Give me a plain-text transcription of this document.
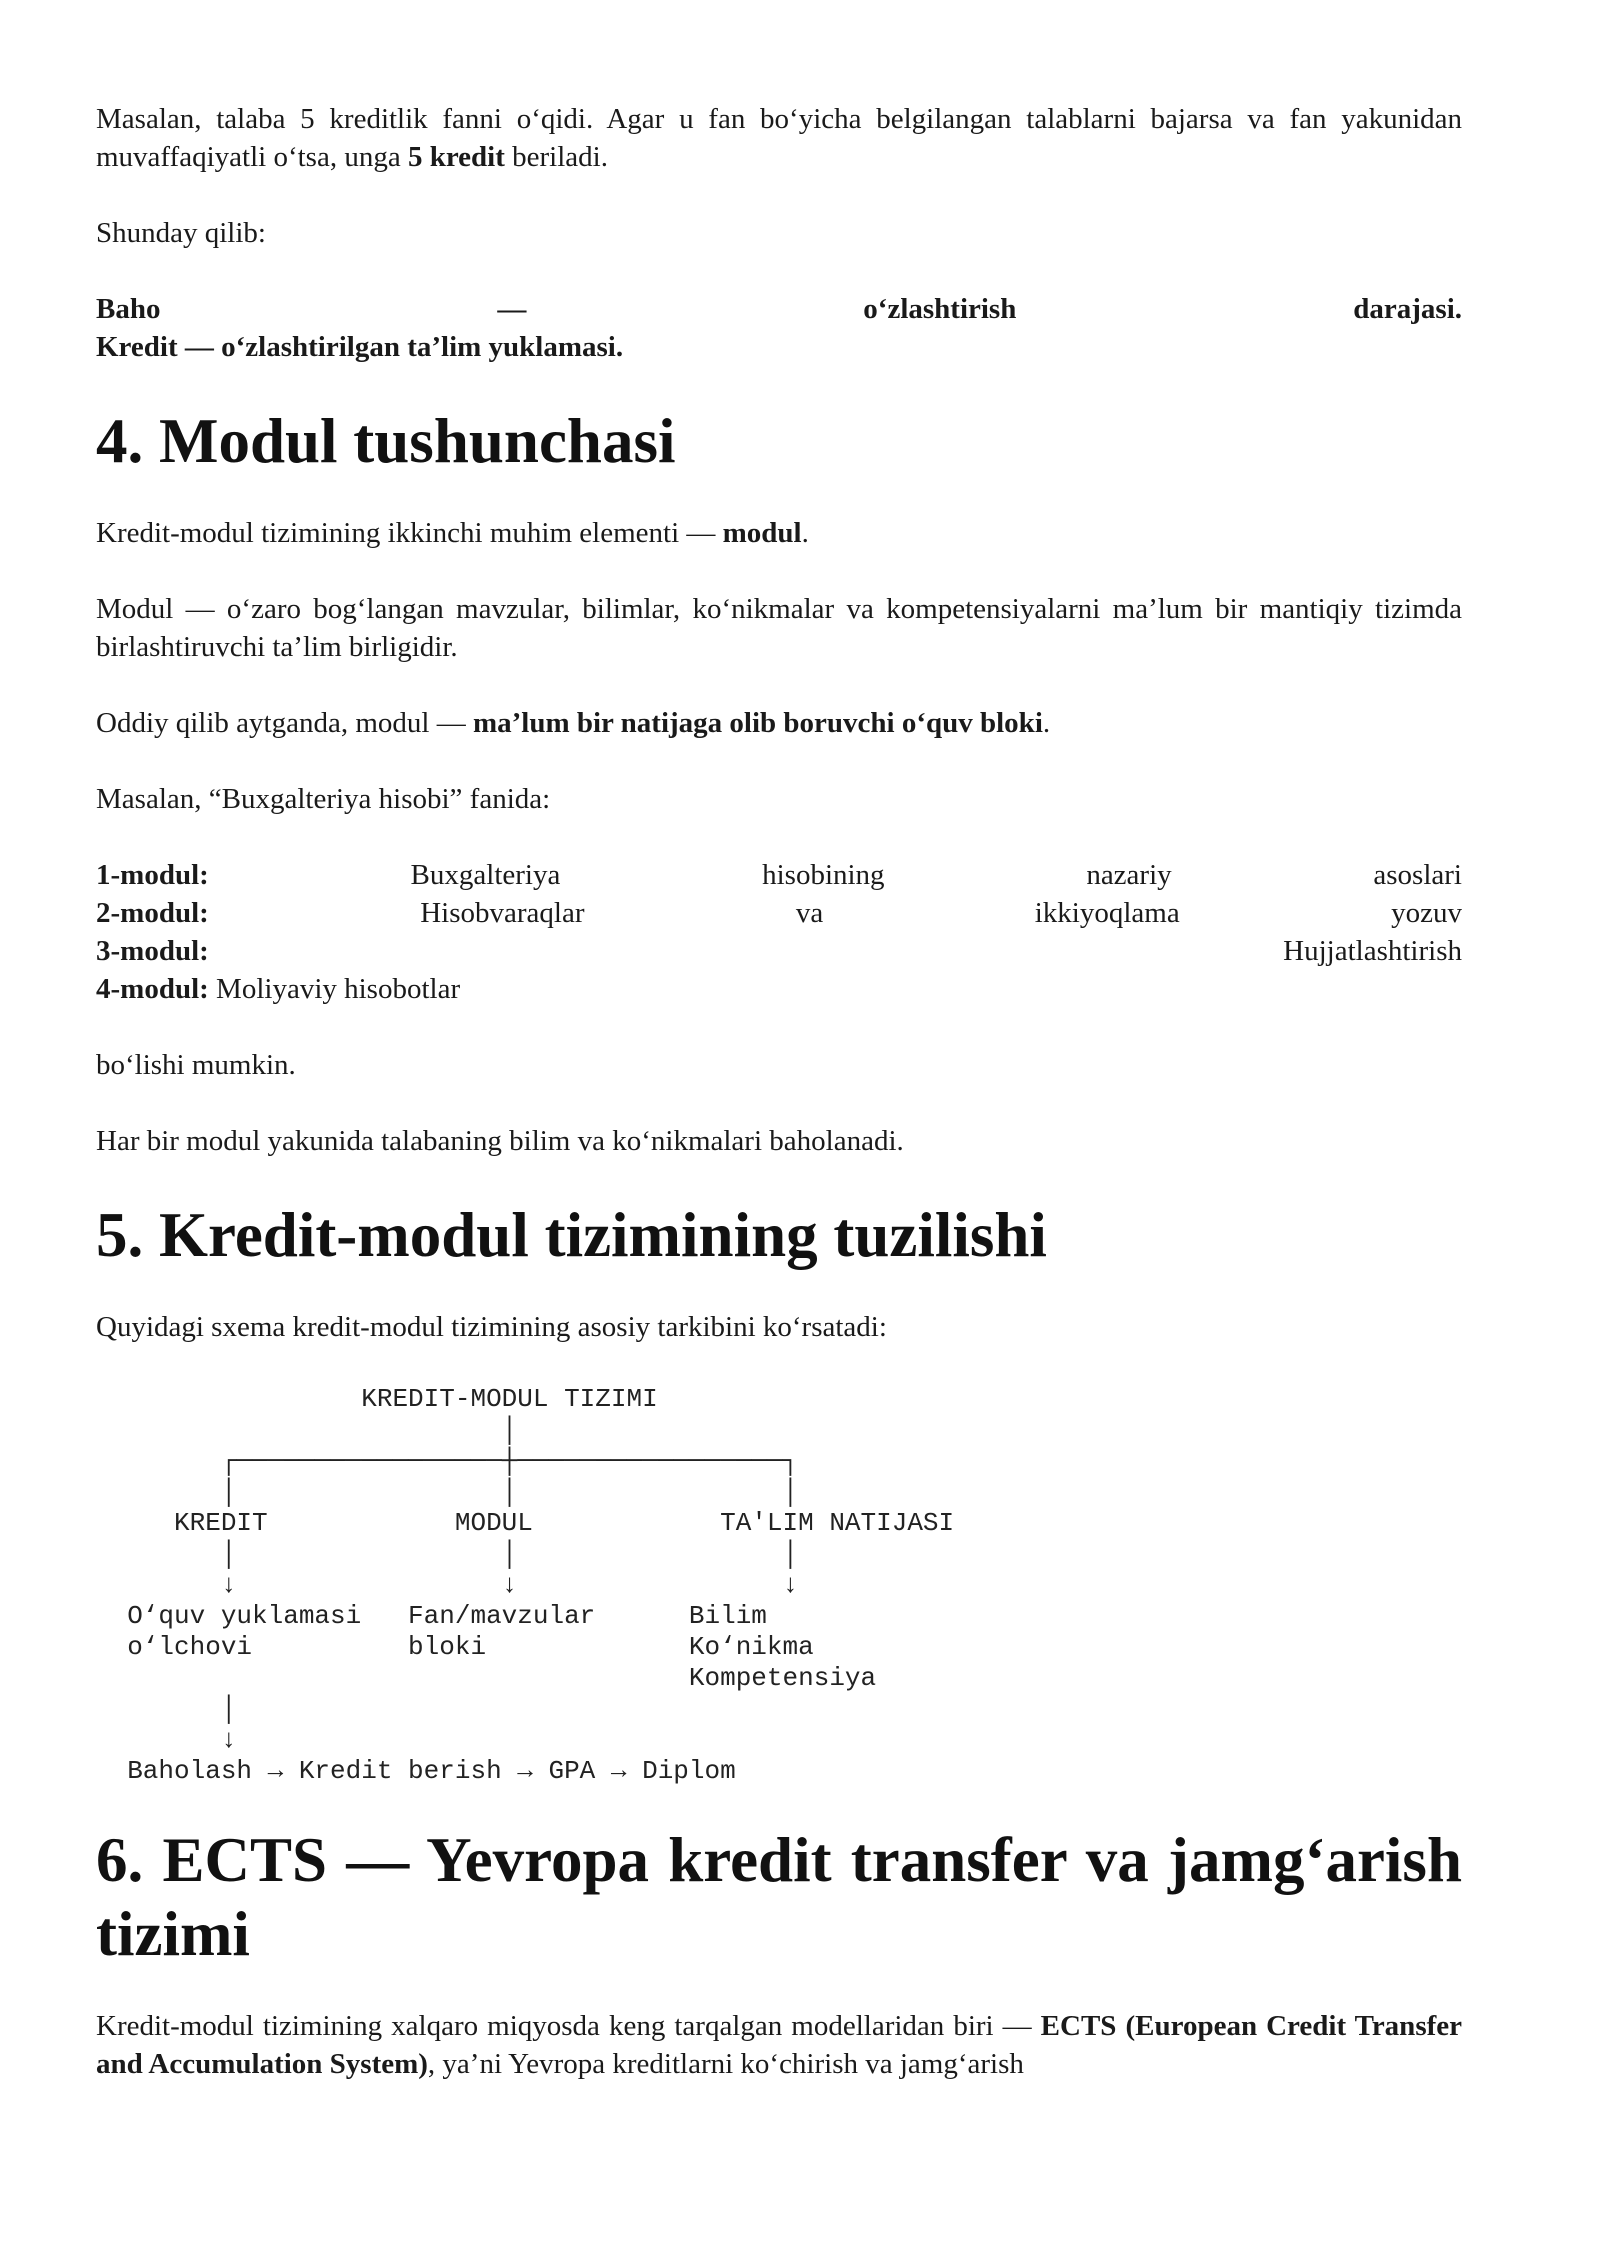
Masalan, talaba 5 kreditlik fanni o‘qidi. Agar u fan bo‘yicha belgilangan talablarni bajarsa va fan yakunidan muvaffaqiyatli o‘tsa, unga 5 kredit beriladi.

Shunday qilib:

Baho — o‘zlashtirish darajasi.
Kredit — o‘zlashtirilgan ta’lim yuklamasi.

4. Modul tushunchasi

Kredit-modul tizimining ikkinchi muhim elementi — modul.

Modul — o‘zaro bog‘langan mavzular, bilimlar, ko‘nikmalar va kompetensiyalarni ma’lum bir mantiqiy tizimda birlashtiruvchi ta’lim birligidir.

Oddiy qilib aytganda, modul — ma’lum bir natijaga olib boruvchi o‘quv bloki.

Masalan, “Buxgalteriya hisobi” fanida:

1-modul: Buxgalteriya hisobining nazariy asoslari
2-modul: Hisobvaraqlar va ikkiyoqlama yozuv
3-modul: Hujjatlashtirish
4-modul: Moliyaviy hisobotlar

bo‘lishi mumkin.

Har bir modul yakunida talabaning bilim va ko‘nikmalari baholanadi.

5. Kredit-modul tizimining tuzilishi

Quyidagi sxema kredit-modul tizimining asosiy tarkibini ko‘rsatadi:

KREDIT-MODUL TIZIMI
│
┌─────────────────┼─────────────────┐
│                 │                 │
KREDIT            MODUL            TA'LIM NATIJASI
│                 │                 │
↓                 ↓                 ↓
O‘quv yuklamasi   Fan/mavzular      Bilim
o‘lchovi          bloki             Ko‘nikma
Kompetensiya
│
↓
Baholash → Kredit berish → GPA → Diplom
6. ECTS — Yevropa kredit transfer va jamg‘arish tizimi

Kredit-modul tizimining xalqaro miqyosda keng tarqalgan modellaridan biri — ECTS (European Credit Transfer and Accumulation System), ya’ni Yevropa kreditlarni ko‘chirish va jamg‘arish
